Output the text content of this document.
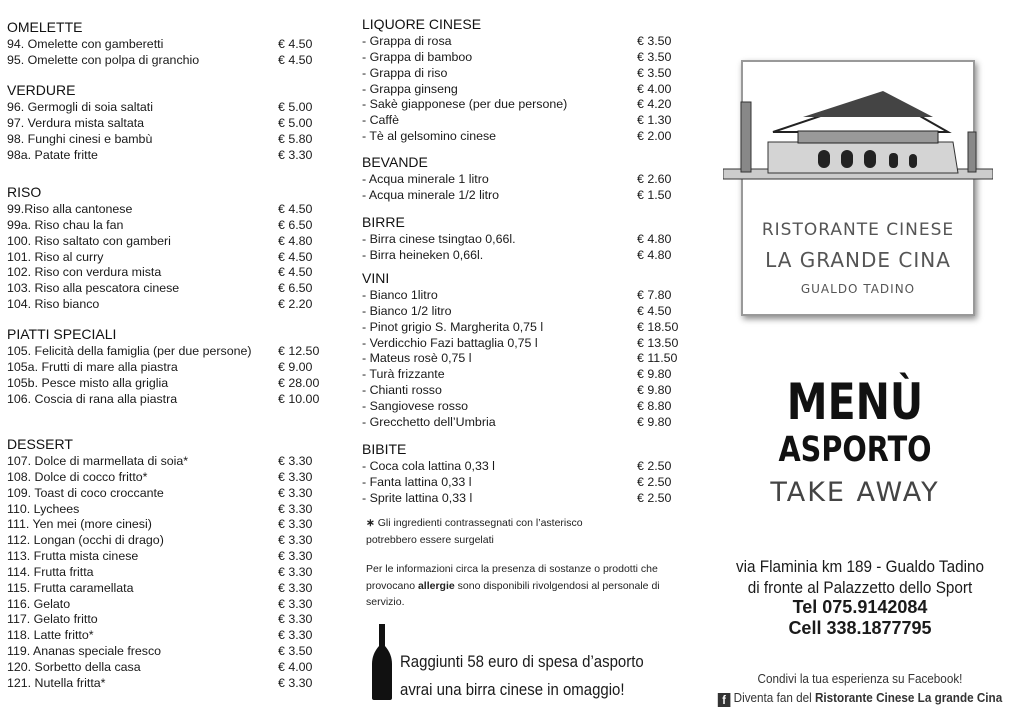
OMELETTE
94. Omelette con gamberetti	€ 4.50
95. Omelette con polpa di granchio	€ 4.50
VERDURE
96. Germogli di soia saltati	€ 5.00
97. Verdura mista saltata	€ 5.00
98. Funghi cinesi e bambù	€ 5.80
98a. Patate fritte	€ 3.30
RISO
99.Riso alla cantonese	€ 4.50
99a. Riso chau la fan	€ 6.50
100. Riso saltato con gamberi	€ 4.80
101. Riso al curry	€ 4.50
102. Riso con verdura mista	€ 4.50
103. Riso alla pescatora cinese	€ 6.50
104. Riso bianco	€ 2.20
PIATTI SPECIALI
105. Felicità della famiglia (per due persone) € 12.50
105a. Frutti di mare alla piastra	€ 9.00
105b. Pesce misto alla griglia	€ 28.00
106. Coscia di rana alla piastra	€ 10.00
DESSERT
107. Dolce di marmellata di soia*	€ 3.30
108. Dolce di cocco fritto*	€ 3.30
109. Toast di coco croccante	€ 3.30
110. Lychees	€ 3.30
111. Yen mei (more cinesi)	€ 3.30
112. Longan (occhi di drago)	€ 3.30
113. Frutta mista cinese	€ 3.30
114. Frutta fritta	€ 3.30
115. Frutta caramellata	€ 3.30
116. Gelato	€ 3.30
117. Gelato fritto	€ 3.30
118. Latte fritto*	€ 3.30
119. Ananas speciale fresco	€ 3.50
120. Sorbetto della casa	€ 4.00
121. Nutella fritta*	€ 3.30
LIQUORE CINESE
- Grappa di rosa	€ 3.50
- Grappa di bamboo	€ 3.50
- Grappa di riso	€ 3.50
- Grappa ginseng	€ 4.00
- Sakè giapponese (per due persone)	€ 4.20
- Caffè	€ 1.30
- Tè al gelsomino cinese	€ 2.00
BEVANDE
- Acqua minerale 1 litro	€ 2.60
- Acqua minerale 1/2 litro	€ 1.50
BIRRE
- Birra cinese tsingtao 0,66l.	€ 4.80
- Birra heineken 0,66l.	€ 4.80
VINI
- Bianco 1litro	€ 7.80
- Bianco 1/2 litro	€ 4.50
- Pinot grigio S. Margherita 0,75 l	€ 18.50
- Verdicchio Fazi battaglia 0,75 l	€ 13.50
- Mateus rosè 0,75 l	€ 11.50
- Turà frizzante	€ 9.80
- Chianti rosso	€ 9.80
- Sangiovese rosso	€ 8.80
- Grecchetto dell’Umbria	€ 9.80
BIBITE
- Coca cola lattina 0,33 l	€ 2.50
- Fanta lattina 0,33 l	€ 2.50
- Sprite lattina 0,33 l	€ 2.50
∗ Gli ingredienti contrassegnati con l’asterisco
potrebbero essere surgelati
Per le informazioni circa la presenza di sostanze o prodotti che provocano allergie sono disponibili rivolgendosi al personale di servizio.
Raggiunti 58 euro di spesa d’asporto
avrai una birra cinese in omaggio!
RISTORANTE CINESE
LA GRANDE CINA
GUALDO TADINO
MENÙ
ASPORTO
TAKE AWAY
via Flaminia km 189 - Gualdo Tadino
di fronte al Palazzetto dello Sport
Tel 075.9142084
Cell 338.1877795
Condivi la tua esperienza su Facebook!
f Diventa fan del Ristorante Cinese La grande Cina
